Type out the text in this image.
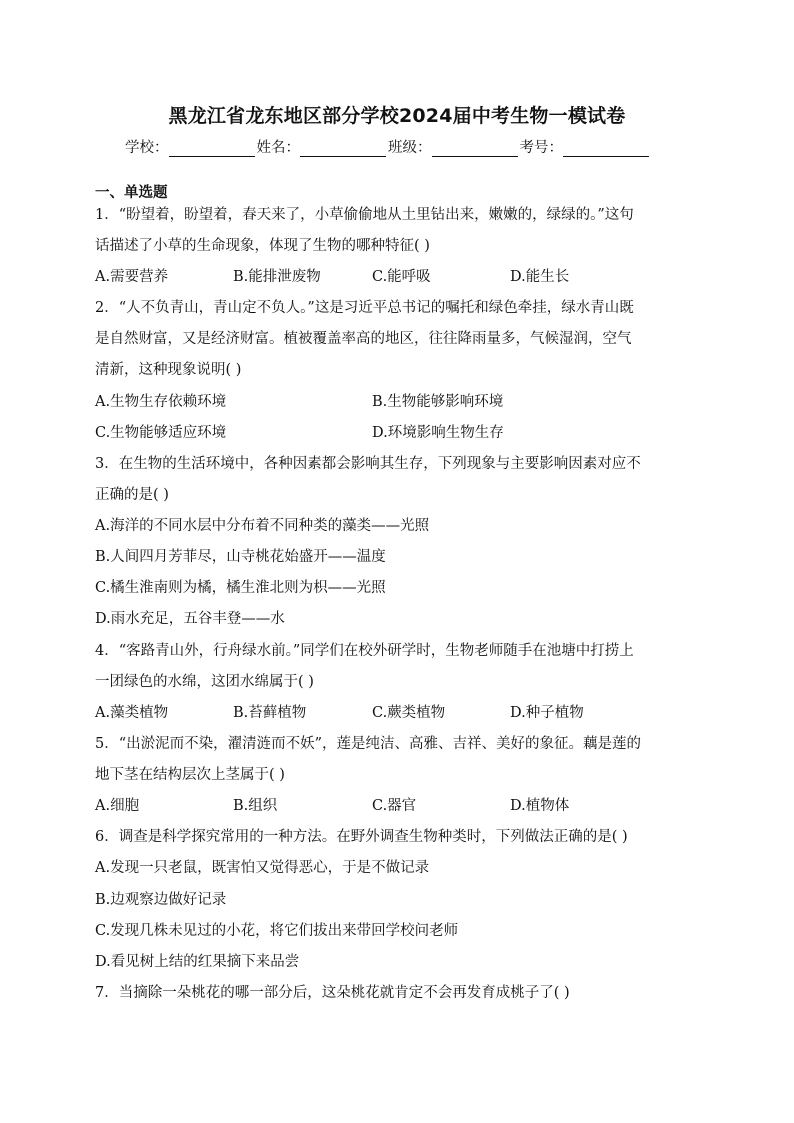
黑龙江省龙东地区部分学校2024届中考生物一模试卷
学校：	姓名：	班级：	考号：
一、单选题
1．“盼望着，盼望着，春天来了，小草偷偷地从土里钻出来，嫩嫩的，绿绿的。”这句
话描述了小草的生命现象，体现了生物的哪种特征( )
A.需要营养	B.能排泄废物	C.能呼吸	D.能生长
2．“人不负青山，青山定不负人。”这是习近平总书记的嘱托和绿色牵挂，绿水青山既
是自然财富，又是经济财富。植被覆盖率高的地区，往往降雨量多，气候湿润，空气
清新，这种现象说明( )
A.生物生存依赖环境	B.生物能够影响环境
C.生物能够适应环境	D.环境影响生物生存
3．在生物的生活环境中，各种因素都会影响其生存，下列现象与主要影响因素对应不
正确的是( )
A.海洋的不同水层中分布着不同种类的藻类——光照
B.人间四月芳菲尽，山寺桃花始盛开——温度
C.橘生淮南则为橘，橘生淮北则为枳——光照
D.雨水充足，五谷丰登——水
4．“客路青山外，行舟绿水前。”同学们在校外研学时，生物老师随手在池塘中打捞上
一团绿色的水绵，这团水绵属于( )
A.藻类植物	B.苔藓植物	C.蕨类植物	D.种子植物
5．“出淤泥而不染，濯清涟而不妖”，莲是纯洁、高雅、吉祥、美好的象征。藕是莲的
地下茎在结构层次上茎属于( )
A.细胞	B.组织	C.器官	D.植物体
6．调查是科学探究常用的一种方法。在野外调查生物种类时，下列做法正确的是( )
A.发现一只老鼠，既害怕又觉得恶心，于是不做记录
B.边观察边做好记录
C.发现几株未见过的小花，将它们拔出来带回学校问老师
D.看见树上结的红果摘下来品尝
7．当摘除一朵桃花的哪一部分后，这朵桃花就肯定不会再发育成桃子了( )
